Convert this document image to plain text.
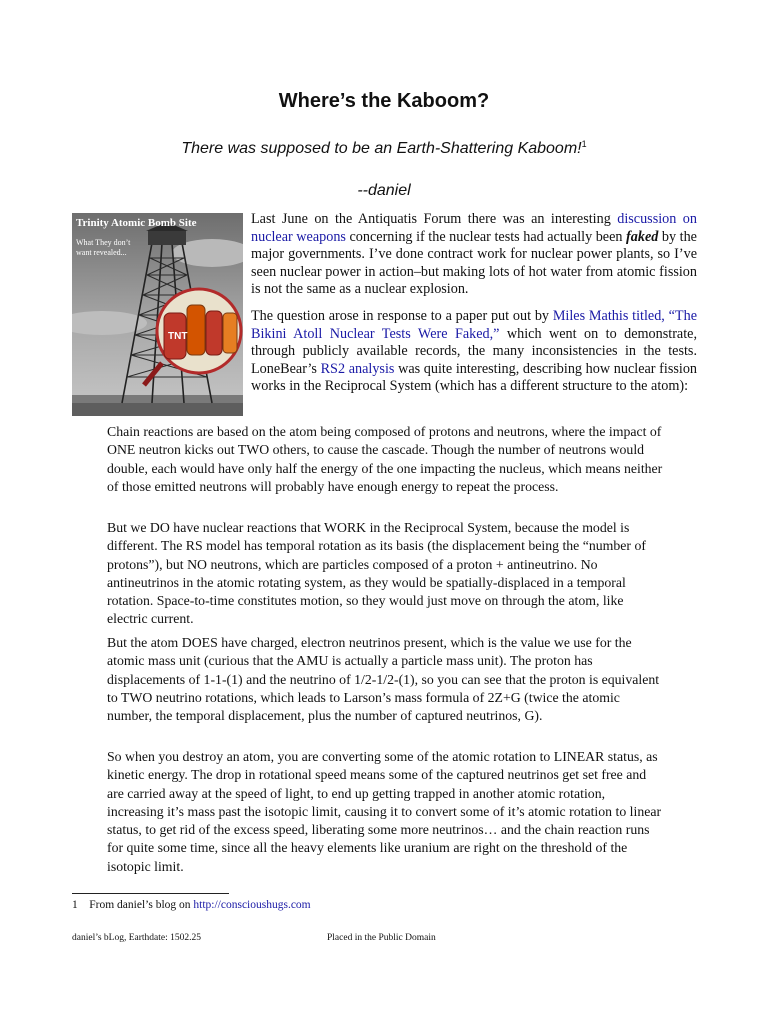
Where’s the Kaboom?
There was supposed to be an Earth-Shattering Kaboom!$^1$
--daniel
Trinity Atomic Bomb Site
What They don’t
want revealed...
TNT

Last June on the Antiquatis Forum there was an interesting discussion on nuclear weapons concerning if the nuclear tests had actually been faked by the major governments. I’ve done contract work for nuclear power plants, so I’ve seen nuclear power in action–but making lots of hot water from atomic fission is not the same as a nuclear explosion.

The question arose in response to a paper put out by Miles Mathis titled, “The Bikini Atoll Nuclear Tests Were Faked,” which went on to demonstrate, through publicly available records, the many inconsistencies in the tests. LoneBear’s RS2 analysis was quite interesting, describing how nuclear fission works in the Reciprocal System (which has a different structure to the atom):

Chain reactions are based on the atom being composed of protons and neutrons, where the impact of ONE neutron kicks out TWO others, to cause the cascade. Though the number of neutrons would double, each would have only half the energy of the one impacting the nucleus, which means neither of those emitted neutrons will probably have enough energy to repeat the process.

But we DO have nuclear reactions that WORK in the Reciprocal System, because the model is different. The RS model has temporal rotation as its basis (the displacement being the “number of protons”), but NO neutrons, which are particles composed of a proton + antineutrino. No antineutrinos in the atomic rotating system, as they would be spatially-displaced in a temporal rotation. Space-to-time constitutes motion, so they would just move on through the atom, like electric current.

But the atom DOES have charged, electron neutrinos present, which is the value we use for the atomic mass unit (curious that the AMU is actually a particle mass unit). The proton has displacements of 1-1-(1) and the neutrino of 1/2-1/2-(1), so you can see that the proton is equivalent to TWO neutrino rotations, which leads to Larson’s mass formula of 2Z+G (twice the atomic number, the temporal displacement, plus the number of captured neutrinos, G).

So when you destroy an atom, you are converting some of the atomic rotation to LINEAR status, as kinetic energy. The drop in rotational speed means some of the captured neutrinos get set free and are carried away at the speed of light, to end up getting trapped in another atomic rotation, increasing it’s mass past the isotopic limit, causing it to convert some of it’s atomic rotation to linear status, to get rid of the excess speed, liberating some more neutrinos… and the chain reaction runs for quite some time, since all the heavy elements like uranium are right on the threshold of the isotopic limit.

1 From daniel’s blog on http://conscioushugs.com
daniel’s bLog, Earthdate: 1502.25	Placed in the Public Domain
